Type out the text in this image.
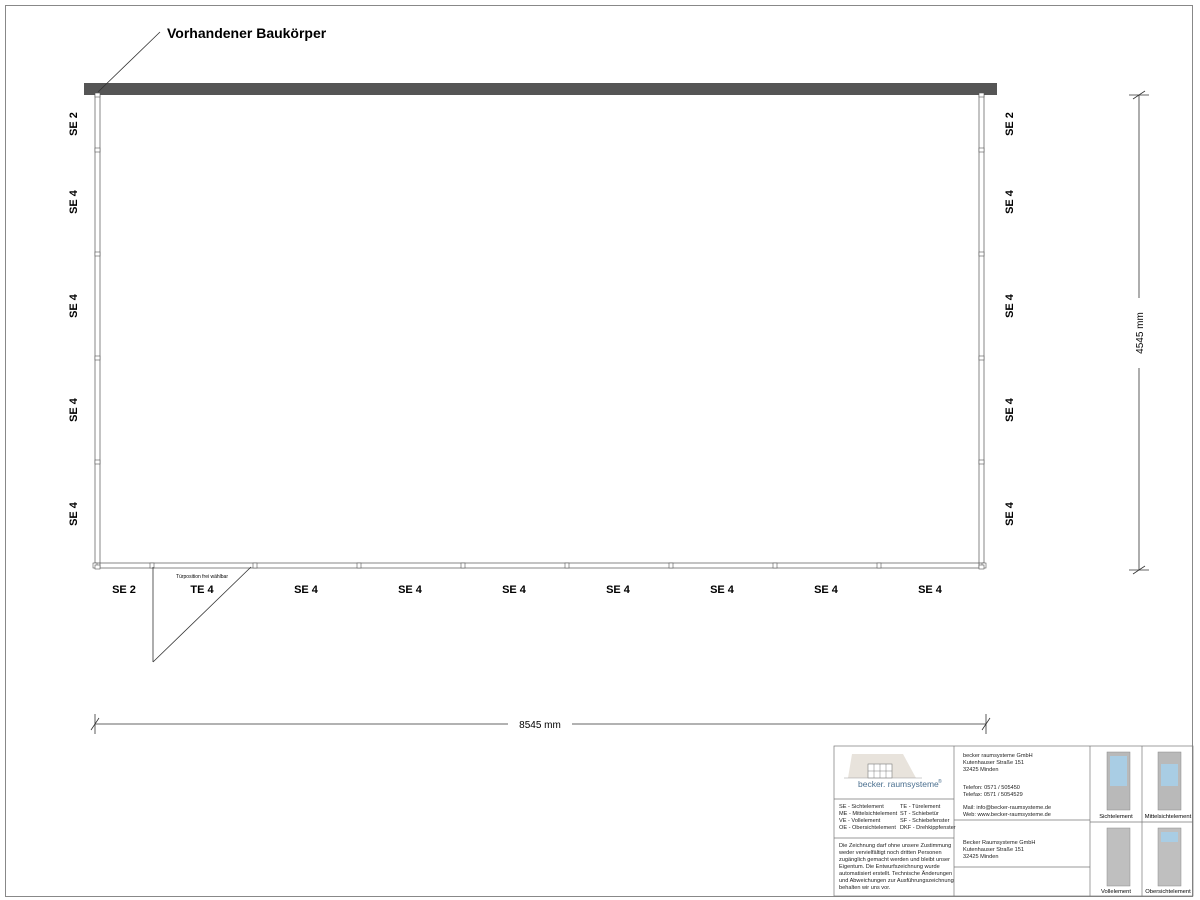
Vorhandener Baukörper
Türposition frei wählbar
SE 2
SE 4
SE 4
SE 4
SE 4
SE 2
SE 4
SE 4
SE 4
SE 4
SE 2	TE 4	SE 4	SE 4	SE 4	SE 4	SE 4	SE 4	SE 4
8545 mm
4545 mm
becker. raumsysteme ®
Sichtelement Mittelsichtelement
Vollelement Obersichtelement
SE - Sichtelement	TE - Türelement
ME - Mittelsichtelement ST - Schiebetür
VE - Vollelement	SF - Schiebefenster
OE - Obersichtelement DKF - Drehkippfenster
Die Zeichnung darf ohne unsere Zustimmung
weder vervielfältigt noch dritten Personen
zugänglich gemacht werden und bleibt unser
Eigentum. Die Entwurfszeichnung wurde
automatisiert erstellt. Technische Änderungen
und Abweichungen zur Ausführungszeichnung
behalten wir uns vor.
becker raumsysteme GmbH
Kutenhauser Straße 151
32425 Minden
Telefon: 0571 / 505450
Telefax: 0571 / 5054529
Mail: info@becker-raumsysteme.de
Web: www.becker-raumsysteme.de
Becker Raumsysteme GmbH
Kutenhauser Straße 151
32425 Minden
